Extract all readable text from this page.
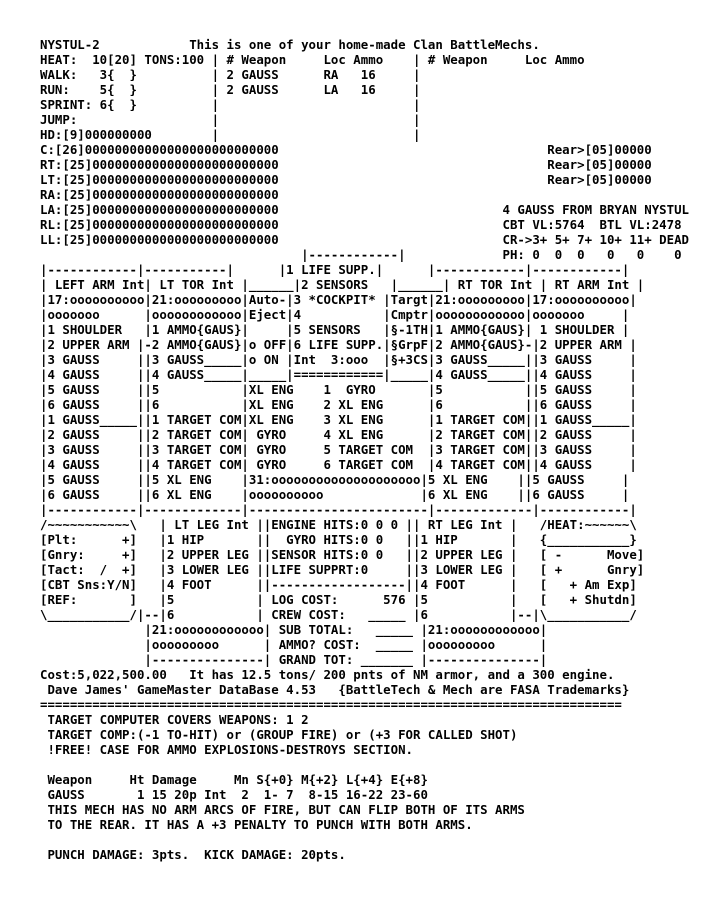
NYSTUL-2            This is one of your home-made Clan BattleMechs.
HEAT:  10[20] TONS:100 | # Weapon     Loc Ammo    | # Weapon     Loc Ammo
WALK:   3{  }          | 2 GAUSS      RA   16     |
RUN:    5{  }          | 2 GAUSS      LA   16     |
SPRINT: 6{  }          |                          |
JUMP:                  |                          |
HD:[9]000000000        |                          |
C:[26]00000000000000000000000000                                    Rear>[05]00000
RT:[25]0000000000000000000000000                                    Rear>[05]00000
LT:[25]0000000000000000000000000                                    Rear>[05]00000
RA:[25]0000000000000000000000000
LA:[25]0000000000000000000000000                              4 GAUSS FROM BRYAN NYSTUL
RL:[25]0000000000000000000000000                              CBT VL:5764  BTL VL:2478
LL:[25]0000000000000000000000000                              CR->3+ 5+ 7+ 10+ 11+ DEAD
|------------|             PH: 0  0  0   0   0    0
|------------|-----------|      |1 LIFE SUPP.|      |------------|------------|
| LEFT ARM Int| LT TOR Int |______|2 SENSORS   |______| RT TOR Int | RT ARM Int |
|17:oooooooooo|21:ooooooooo|Auto-|3 *COCKPIT* |Targt|21:ooooooooo|17:oooooooooo|
|ooooooo      |oooooooooooo|Eject|4           |Cmptr|oooooooooooo|ooooooo     |
|1 SHOULDER   |1 AMMO{GAUS}|     |5 SENSORS   |§-1TH|1 AMMO{GAUS}| 1 SHOULDER |
|2 UPPER ARM |-2 AMMO{GAUS}|o OFF|6 LIFE SUPP.|§GrpF|2 AMMO{GAUS}-|2 UPPER ARM |
|3 GAUSS     ||3 GAUSS_____|o ON |Int  3:ooo  |§+3CS|3 GAUSS_____||3 GAUSS     |
|4 GAUSS     ||4 GAUSS_____|_____|============|_____|4 GAUSS_____||4 GAUSS     |
|5 GAUSS     ||5           |XL ENG    1  GYRO       |5           ||5 GAUSS     |
|6 GAUSS     ||6           |XL ENG    2 XL ENG      |6           ||6 GAUSS     |
|1 GAUSS_____||1 TARGET COM|XL ENG    3 XL ENG      |1 TARGET COM||1 GAUSS_____|
|2 GAUSS     ||2 TARGET COM| GYRO     4 XL ENG      |2 TARGET COM||2 GAUSS     |
|3 GAUSS     ||3 TARGET COM| GYRO     5 TARGET COM  |3 TARGET COM||3 GAUSS     |
|4 GAUSS     ||4 TARGET COM| GYRO     6 TARGET COM  |4 TARGET COM||4 GAUSS     |
|5 GAUSS     ||5 XL ENG    |31:oooooooooooooooooooo|5 XL ENG    ||5 GAUSS     |
|6 GAUSS     ||6 XL ENG    |oooooooooo             |6 XL ENG    ||6 GAUSS     |
|------------|-------------|------------------------|-------------|------------|
/~~~~~~~~~~~\   | LT LEG Int ||ENGINE HITS:0 0 0 || RT LEG Int |   /HEAT:~~~~~~\
[Plt:      +]   |1 HIP       ||  GYRO HITS:0 0   ||1 HIP       |   {___________}
[Gnry:     +]   |2 UPPER LEG ||SENSOR HITS:0 0   ||2 UPPER LEG |   [ -      Move]
[Tact:  /  +]   |3 LOWER LEG ||LIFE SUPPRT:0     ||3 LOWER LEG |   [ +      Gnry]
[CBT Sns:Y/N]   |4 FOOT      ||------------------||4 FOOT      |   [   + Am Exp]
[REF:       ]   |5           | LOG COST:      576 |5           |   [   + Shutdn]
\___________/|--|6           | CREW COST:   _____ |6           |--|\___________/
|21:oooooooooooo| SUB TOTAL:   _____ |21:oooooooooooo|
|ooooooooo      | AMMO? COST:  _____ |ooooooooo      |
|---------------| GRAND TOT: _______ |---------------|
Cost:5,022,500.00   It has 12.5 tons/ 200 pnts of NM armor, and a 300 engine.
Dave James' GameMaster DataBase 4.53   {BattleTech & Mech are FASA Trademarks}
==============================================================================
TARGET COMPUTER COVERS WEAPONS: 1 2
TARGET COMP:(-1 TO-HIT) or (GROUP FIRE) or (+3 FOR CALLED SHOT)
!FREE! CASE FOR AMMO EXPLOSIONS-DESTROYS SECTION.
Weapon     Ht Damage     Mn S{+0} M{+2} L{+4} E{+8}
GAUSS       1 15 20p Int  2  1- 7  8-15 16-22 23-60
THIS MECH HAS NO ARM ARCS OF FIRE, BUT CAN FLIP BOTH OF ITS ARMS
TO THE REAR. IT HAS A +3 PENALTY TO PUNCH WITH BOTH ARMS.
PUNCH DAMAGE: 3pts.  KICK DAMAGE: 20pts.
